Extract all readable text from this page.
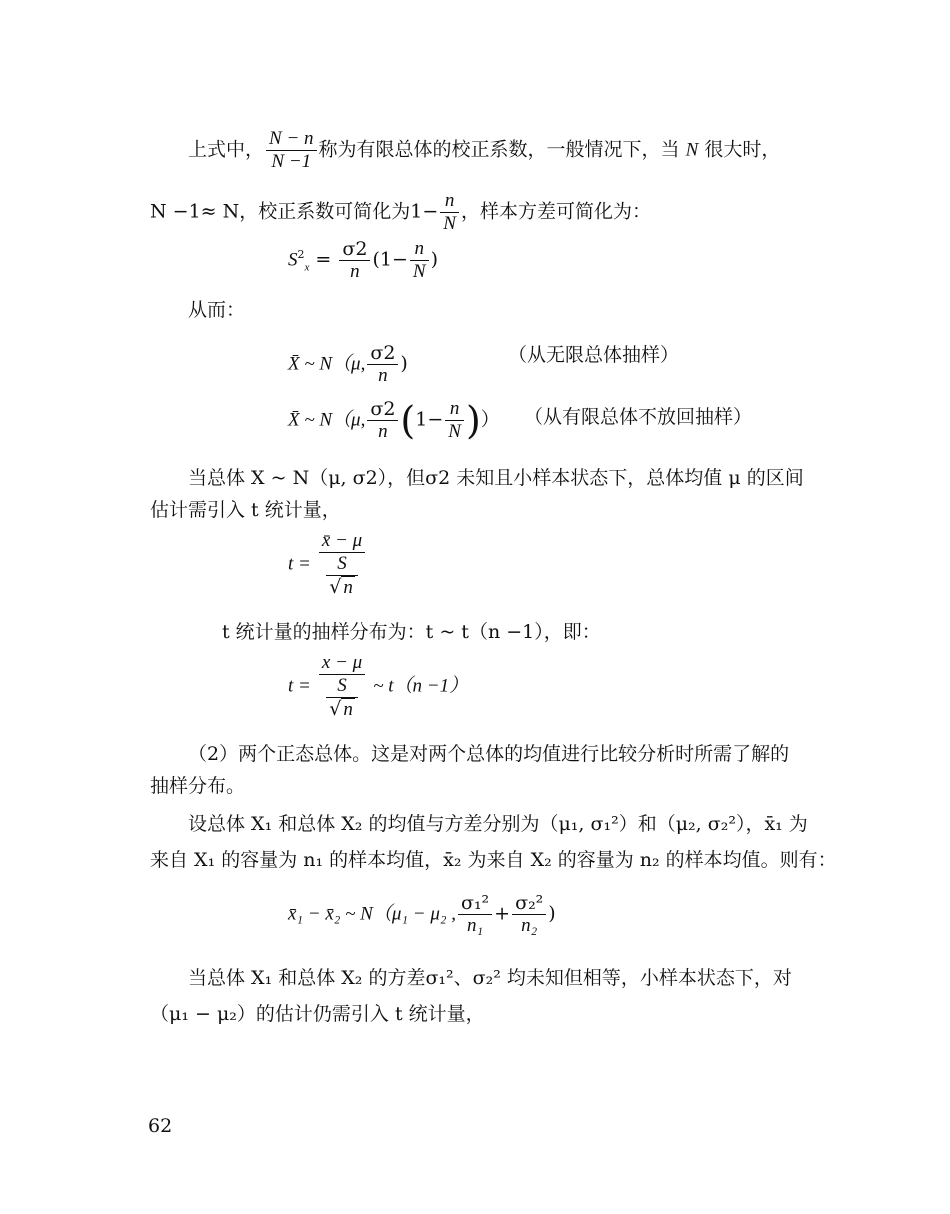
上式中， $\frac{N - n}{N -1}$ 称为有限总体的校正系数，一般情况下，当 N 很大时，
N −1≈ N，校正系数可简化为$1- \frac{n}{N}$ ，样本方差可简化为：
$S^2_x = \frac{\sigma 2}{n} (1- \frac{n}{N}$ )
从而：
X̄ ~ N（μ, $\frac{\sigma 2}{n}$ )	（从无限总体抽样）
X̄ ~ N（μ, $\frac{\sigma 2}{n} (1- \frac{n}{N}$ )） （从有限总体不放回抽样）
当总体 X ~ N（μ, σ2），但σ2 未知且小样本状态下，总体均值 μ 的区间
估计需引入 t 统计量，
$t = \frac{x̄ - \mu}{\frac{S}{√ n}}$
t 统计量的抽样分布为：t ~ t（n −1），即：
$t = \frac{x - \mu}{\frac{S}{√ n}}$ ~ t（n −1）
（2）两个正态总体。这是对两个总体的均值进行比较分析时所需了解的
抽样分布。
设总体 X₁ 和总体 X₂ 的均值与方差分别为（μ₁, σ₁²）和（μ₂, σ₂²），x̄₁ 为
来自 X₁ 的容量为 n₁ 的样本均值，x̄₂ 为来自 X₂ 的容量为 n₂ 的样本均值。则有：
x̄₁ − x̄₂ ~ N（μ₁ − μ₂ , $\frac{\text{σ₁²}}{\text{n₁}} + \frac{\text{σ₂²}}{\text{n₂}}$ )
当总体 X₁ 和总体 X₂ 的方差σ₁²、σ₂² 均未知但相等，小样本状态下，对
（μ₁ − μ₂）的估计仍需引入 t 统计量，
62
